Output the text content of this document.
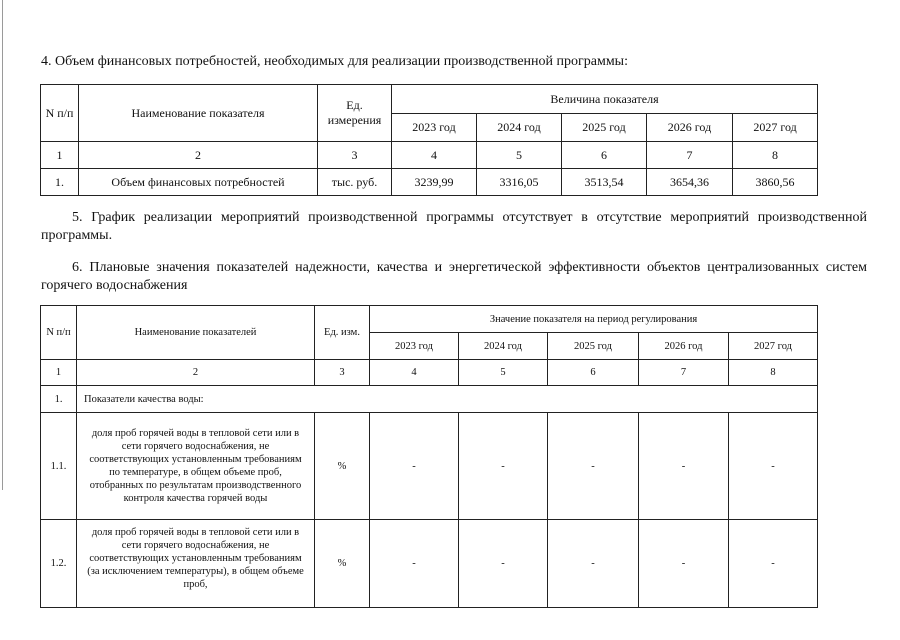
4. Объем финансовых потребностей, необходимых для реализации производственной программы:

N п/п	Наименование показателя	Ед. измерения	Величина показателя				
			2023 год	2024 год	2025 год	2026 год	2027 год
1	2	3	4	5	6	7	8
1.	Объем финансовых потребностей	тыс. руб.	3239,99	3316,05	3513,54	3654,36	3860,56

5. График реализации мероприятий производственной программы отсутствует в отсутствие мероприятий производственной программы.

6. Плановые значения показателей надежности, качества и энергетической эффективности объектов централизованных систем горячего водоснабжения

N п/п	Наименование показателей	Ед. изм.	Значение показателя на период регулирования				
			2023 год	2024 год	2025 год	2026 год	2027 год
1	2	3	4	5	6	7	8
1.	Показатели качества воды:						
1.1.	доля проб горячей воды в тепловой сети или в сети горячего водоснабжения, не соответствующих установленным требованиям по температуре, в общем объеме проб, отобранных по результатам производственного контроля качества горячей воды	%	-	-	-	-	-
1.2.	доля проб горячей воды в тепловой сети или в сети горячего водоснабжения, не соответствующих установленным требованиям (за исключением температуры), в общем объеме проб,	%	-	-	-	-	-
